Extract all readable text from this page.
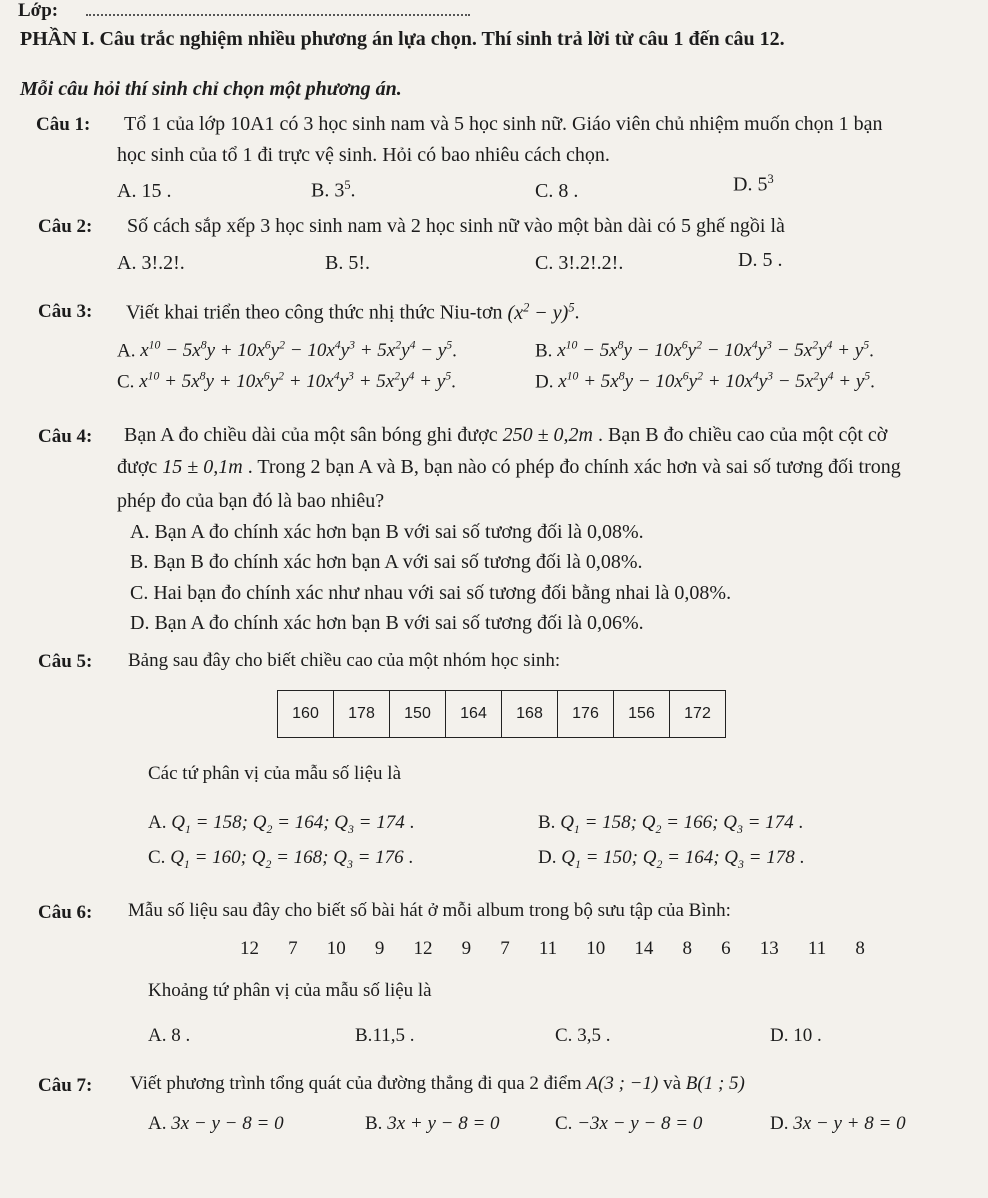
Lớp:
PHẦN I. Câu trắc nghiệm nhiều phương án lựa chọn. Thí sinh trả lời từ câu 1 đến câu 12.
Mỗi câu hỏi thí sinh chỉ chọn một phương án.
Câu 1: Tổ 1 của lớp 10A1 có 3 học sinh nam và 5 học sinh nữ. Giáo viên chủ nhiệm muốn chọn 1 bạn
học sinh của tổ 1 đi trực vệ sinh. Hỏi có bao nhiêu cách chọn.
A. 15 .	B. $3^5$.	C. 8 .	D. $5^3$
Câu 2: Số cách sắp xếp 3 học sinh nam và 2 học sinh nữ vào một bàn dài có 5 ghế ngồi là
A. 3!.2!.	B. 5!.	C. 3!.2!.2!.	D. 5 .
Câu 3: Viết khai triển theo công thức nhị thức Niu-tơn $(x^2 - y)^5$.
A. $x^{10} - 5x^8y + 10x^6y^2 - 10x^4y^3 + 5x^2y^4 - y^5$.	B. $x^{10} - 5x^8y - 10x^6y^2 - 10x^4y^3 - 5x^2y^4 + y^5$.
C. $x^{10} + 5x^8y + 10x^6y^2 + 10x^4y^3 + 5x^2y^4 + y^5$.	D. $x^{10} + 5x^8y - 10x^6y^2 + 10x^4y^3 - 5x^2y^4 + y^5$.
Câu 4: Bạn A đo chiều dài của một sân bóng ghi được 250 ± 0,2m . Bạn B đo chiều cao của một cột cờ
được 15 ± 0,1m . Trong 2 bạn A và B, bạn nào có phép đo chính xác hơn và sai số tương đối trong
phép đo của bạn đó là bao nhiêu?
A. Bạn A đo chính xác hơn bạn B với sai số tương đối là 0,08%.
B. Bạn B đo chính xác hơn bạn A với sai số tương đối là 0,08%.
C. Hai bạn đo chính xác như nhau với sai số tương đối bằng nhai là 0,08%.
D. Bạn A đo chính xác hơn bạn B với sai số tương đối là 0,06%.
Câu 5: Bảng sau đây cho biết chiều cao của một nhóm học sinh:
160	178	150	164	168	176	156	172
Các tứ phân vị của mẫu số liệu là
A. $Q_1 = 158$; $Q_2 = 164$; $Q_3 = 174$ .	B. $Q_1 = 158$; $Q_2 = 166$; $Q_3 = 174$ .
C. $Q_1 = 160$; $Q_2 = 168$; $Q_3 = 176$ .	D. $Q_1 = 150$; $Q_2 = 164$; $Q_3 = 178$ .
Câu 6: Mẫu số liệu sau đây cho biết số bài hát ở mỗi album trong bộ sưu tập của Bình:
12 7 10 9 12 9 7 11 10 14 8 6 13 11 8
Khoảng tứ phân vị của mẫu số liệu là
A. 8 .	B.11,5 .	C. 3,5 .	D. 10 .
Câu 7: Viết phương trình tổng quát của đường thẳng đi qua 2 điểm A(3 ; −1) và B(1 ; 5)
A. 3x − y − 8 = 0	B. 3x + y − 8 = 0	C. −3x − y − 8 = 0	D. 3x − y + 8 = 0
